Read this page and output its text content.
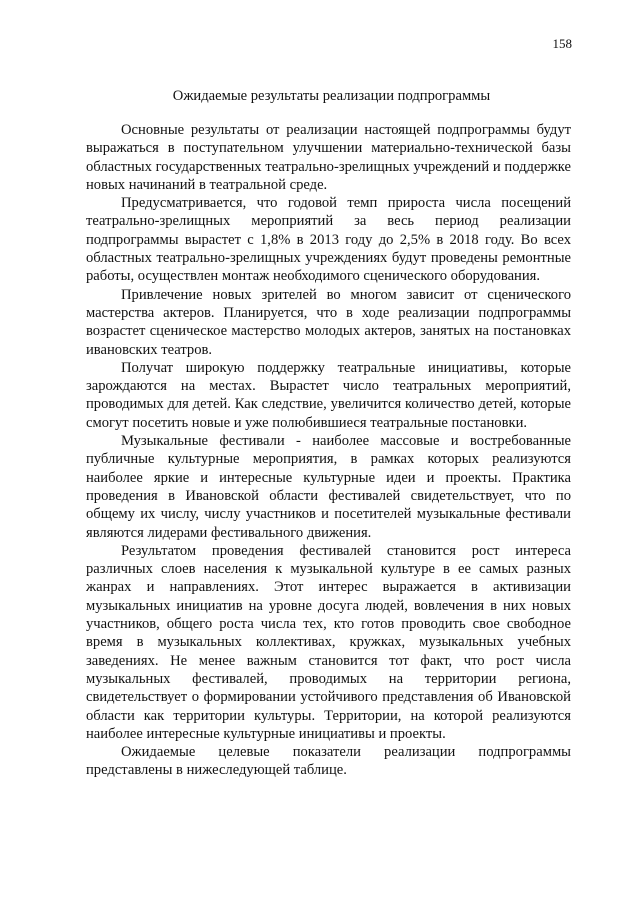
158
Ожидаемые результаты реализации подпрограммы

Основные результаты от реализации настоящей подпрограммы будут выражаться в поступательном улучшении материально-технической базы областных государственных театрально-зрелищных учреждений и поддержке новых начинаний в театральной среде.

Предусматривается, что годовой темп прироста числа посещений театрально-зрелищных мероприятий за весь период реализации подпрограммы вырастет с 1,8% в 2013 году до 2,5% в 2018 году. Во всех областных театрально-зрелищных учреждениях будут проведены ремонтные работы, осуществлен монтаж необходимого сценического оборудования.

Привлечение новых зрителей во многом зависит от сценического мастерства актеров. Планируется, что в ходе реализации подпрограммы возрастет сценическое мастерство молодых актеров, занятых на постановках ивановских театров.

Получат широкую поддержку театральные инициативы, которые зарождаются на местах. Вырастет число театральных мероприятий, проводимых для детей. Как следствие, увеличится количество детей, которые смогут посетить новые и уже полюбившиеся театральные постановки.

Музыкальные фестивали - наиболее массовые и востребованные публичные культурные мероприятия, в рамках которых реализуются наиболее яркие и интересные культурные идеи и проекты. Практика проведения в Ивановской области фестивалей свидетельствует, что по общему их числу, числу участников и посетителей музыкальные фестивали являются лидерами фестивального движения.

Результатом проведения фестивалей становится рост интереса различных слоев населения к музыкальной культуре в ее самых разных жанрах и направлениях. Этот интерес выражается в активизации музыкальных инициатив на уровне досуга людей, вовлечения в них новых участников, общего роста числа тех, кто готов проводить свое свободное время в музыкальных коллективах, кружках, музыкальных учебных заведениях. Не менее важным становится тот факт, что рост числа музыкальных фестивалей, проводимых на территории региона, свидетельствует о формировании устойчивого представления об Ивановской области как территории культуры. Территории, на которой реализуются наиболее интересные культурные инициативы и проекты.

Ожидаемые целевые показатели реализации подпрограммы представлены в нижеследующей таблице.
